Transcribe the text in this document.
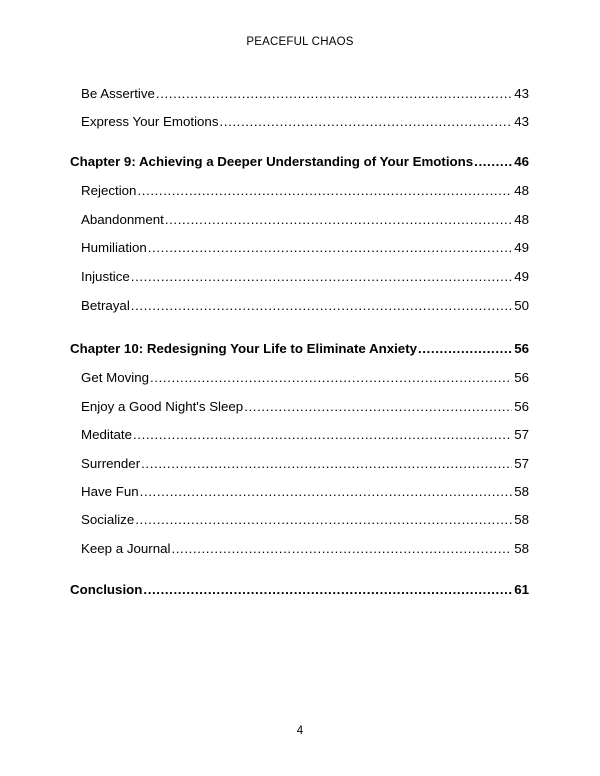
PEACEFUL CHAOS
Be Assertive .....	43
Express Your Emotions .....	43
Chapter 9: Achieving a Deeper Understanding of Your Emotions .....	46
Rejection .....	48
Abandonment .....	48
Humiliation .....	49
Injustice .....	49
Betrayal .....	50
Chapter 10: Redesigning Your Life to Eliminate Anxiety .....	56
Get Moving .....	56
Enjoy a Good Night's Sleep .....	56
Meditate .....	57
Surrender .....	57
Have Fun .....	58
Socialize .....	58
Keep a Journal .....	58
Conclusion .....	61
4
